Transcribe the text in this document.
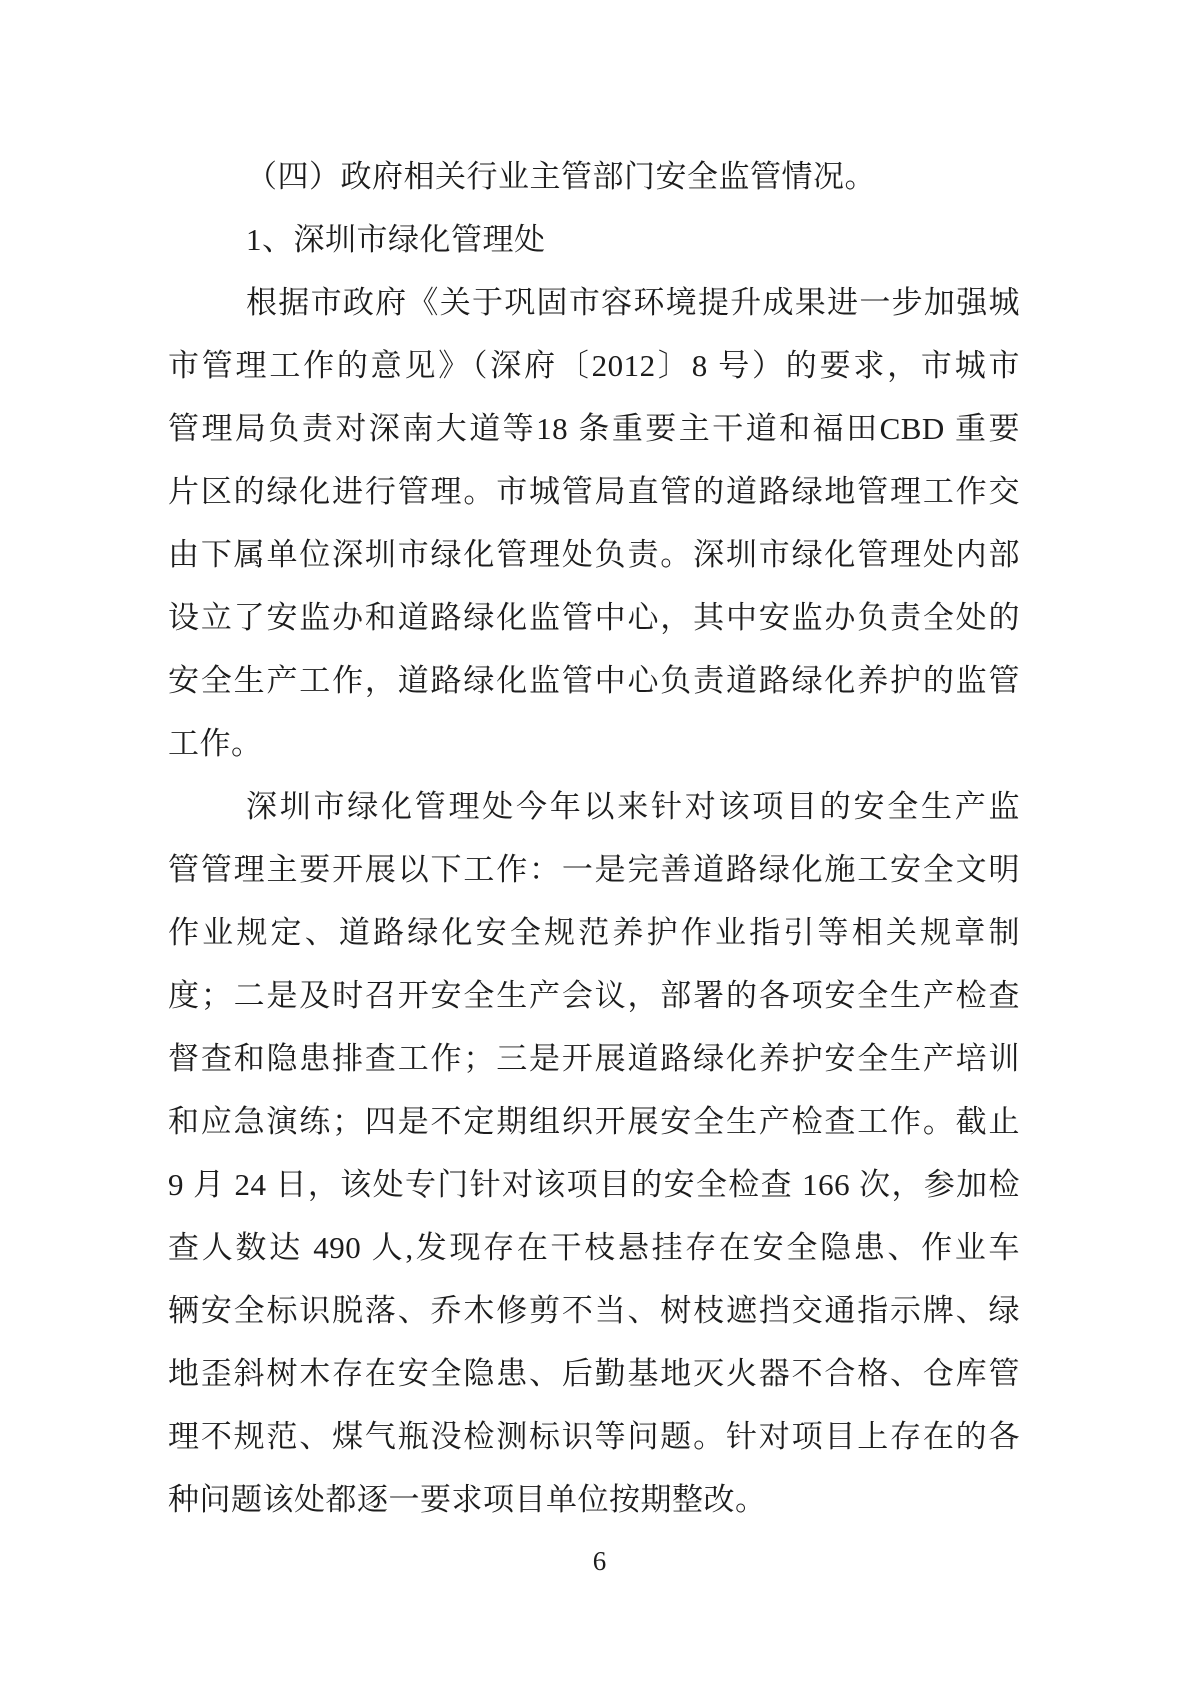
（四）政府相关行业主管部门安全监管情况。
1、深圳市绿化管理处
根据市政府《关于巩固市容环境提升成果进一步加强城
市管理工作的意见》（深府〔2012〕8 号）的要求，市城市
管理局负责对深南大道等18 条重要主干道和福田CBD 重要
片区的绿化进行管理。市城管局直管的道路绿地管理工作交
由下属单位深圳市绿化管理处负责。深圳市绿化管理处内部
设立了安监办和道路绿化监管中心，其中安监办负责全处的
安全生产工作，道路绿化监管中心负责道路绿化养护的监管
工作。
深圳市绿化管理处今年以来针对该项目的安全生产监
管管理主要开展以下工作：一是完善道路绿化施工安全文明
作业规定、道路绿化安全规范养护作业指引等相关规章制
度；二是及时召开安全生产会议，部署的各项安全生产检查
督查和隐患排查工作；三是开展道路绿化养护安全生产培训
和应急演练；四是不定期组织开展安全生产检查工作。截止
9 月 24 日，该处专门针对该项目的安全检查 166 次，参加检
查人数达 490 人,发现存在干枝悬挂存在安全隐患、作业车
辆安全标识脱落、乔木修剪不当、树枝遮挡交通指示牌、绿
地歪斜树木存在安全隐患、后勤基地灭火器不合格、仓库管
理不规范、煤气瓶没检测标识等问题。针对项目上存在的各
种问题该处都逐一要求项目单位按期整改。
6
